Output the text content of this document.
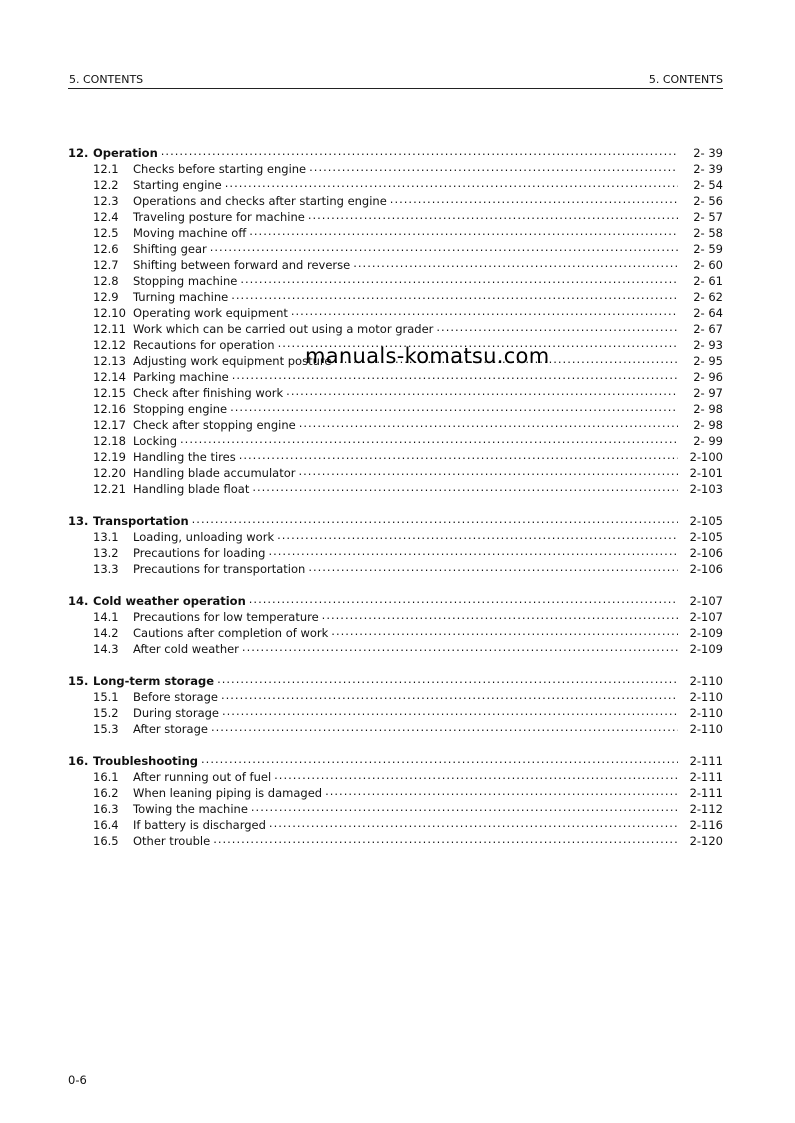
5. CONTENTS	5. CONTENTS
12. Operation .....	2- 39
12.1	Checks before starting engine .....	2- 39
12.2	Starting engine .....	2- 54
12.3	Operations and checks after starting engine .....	2- 56
12.4	Traveling posture for machine .....	2- 57
12.5	Moving machine off .....	2- 58
12.6	Shifting gear .....	2- 59
12.7	Shifting between forward and reverse .....	2- 60
12.8	Stopping machine .....	2- 61
12.9	Turning machine .....	2- 62
12.10 Operating work equipment .....	2- 64
12.11 Work which can be carried out using a motor grader .....	2- 67
12.12 Recautions for operation .....	2- 93
12.13 Adjusting work equipment posture .....	2- 95
12.14 Parking machine .....	2- 96
12.15 Check after finishing work .....	2- 97
12.16 Stopping engine .....	2- 98
12.17 Check after stopping engine .....	2- 98
12.18 Locking .....	2- 99
12.19 Handling the tires .....	2-100
12.20 Handling blade accumulator .....	2-101
12.21 Handling blade float .....	2-103
13. Transportation .....	2-105
13.1	Loading, unloading work .....	2-105
13.2	Precautions for loading .....	2-106
13.3	Precautions for transportation .....	2-106
14. Cold weather operation .....	2-107
14.1	Precautions for low temperature .....	2-107
14.2	Cautions after completion of work .....	2-109
14.3	After cold weather .....	2-109
15. Long-term storage .....	2-110
15.1	Before storage .....	2-110
15.2	During storage .....	2-110
15.3	After storage .....	2-110
16. Troubleshooting .....	2-111
16.1	After running out of fuel .....	2-111
16.2	When leaning piping is damaged .....	2-111
16.3	Towing the machine .....	2-112
16.4	If battery is discharged .....	2-116
16.5	Other trouble .....	2-120
manuals-komatsu.com
0-6
